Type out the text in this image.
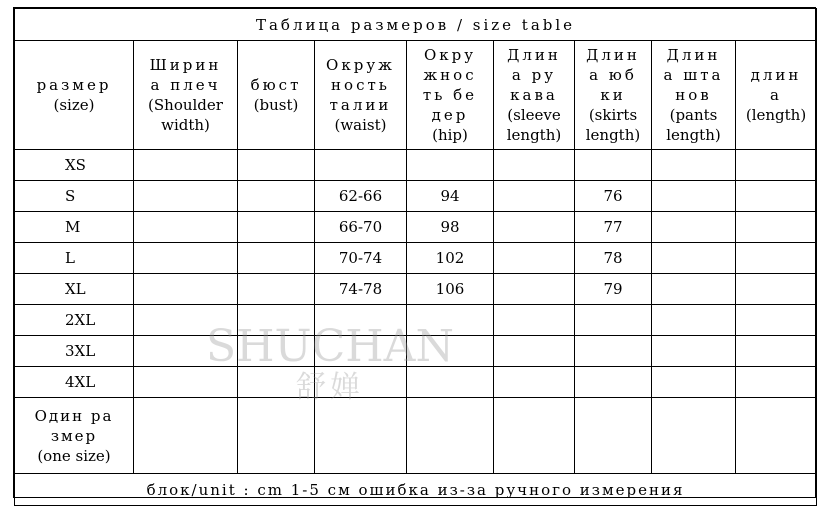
Таблица размеров / size table								
размер
(size)	Ширин
а плеч
(Shoulder width)	бюст
(bust)	Окруж
ность
талии
(waist)	Окру
жнос
ть бе
дер
(hip)	Длин
а ру
кава
(sleeve length)	Длин
а юб
ки
(skirts length)	Длин
а шта
нов
(pants length)	длин
а
(length)

XS								
S			62-66	94		76		
M			66-70	98		77		
L			70-74	102		78		
XL			74-78	106		79		
2XL								
3XL								
4XL								
Один ра
змер
(one size)								

блок/unit : cm 1-5 см ошибка из-за ручного измерения								
SHUCHAN
舒婵
